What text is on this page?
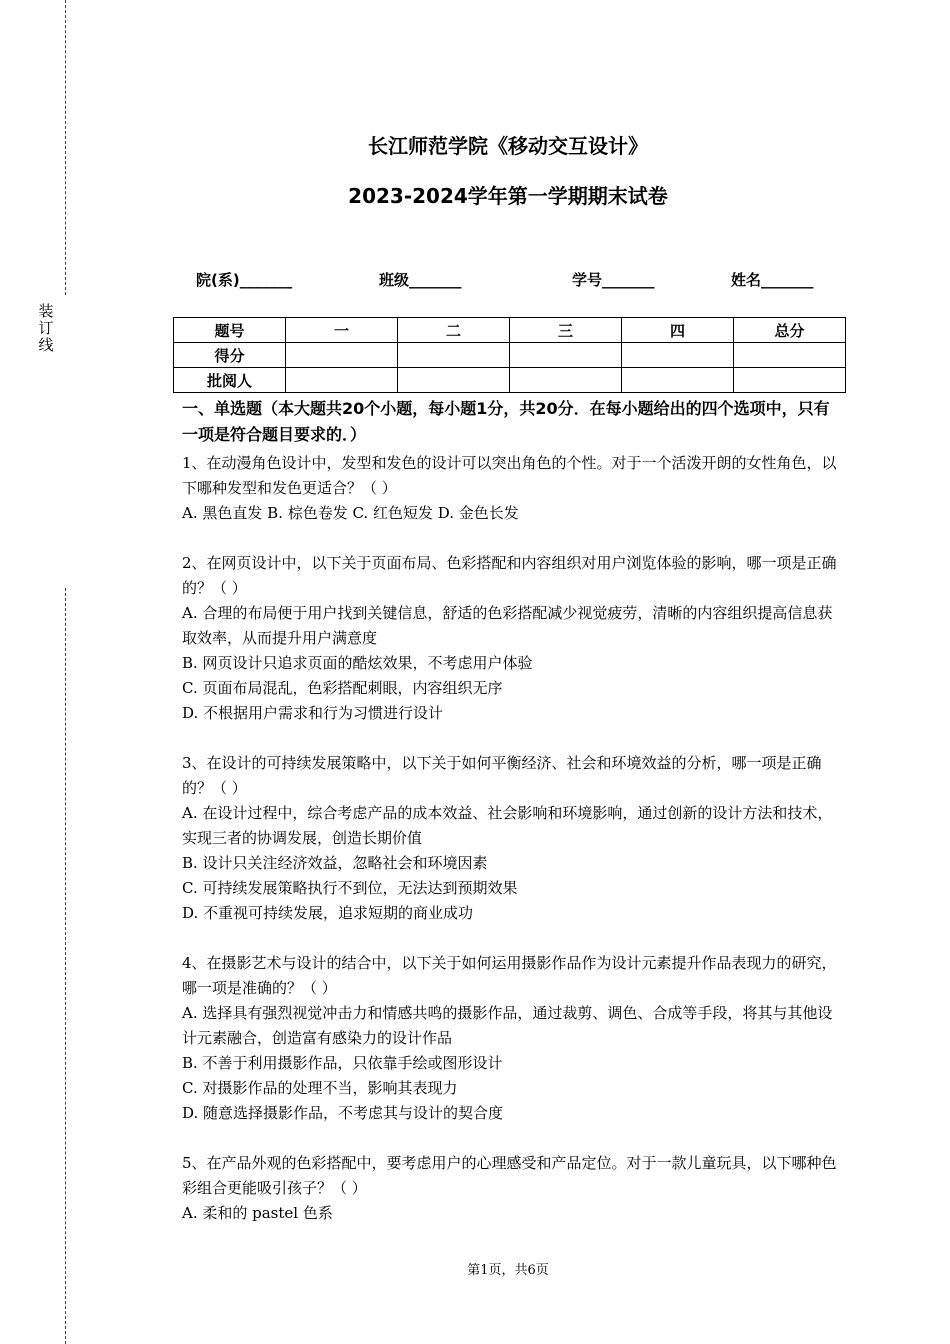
装
订
线
长江师范学院《移动交互设计》
2023-2024学年第一学期期末试卷
院(系)_______	班级_______	学号_______	姓名_______
题号	一	二	三	四	总分
得分					
批阅人					
一、单选题（本大题共20个小题，每小题1分，共20分．在每小题给出的四个选项中，只有一项是符合题目要求的．）

1、在动漫角色设计中，发型和发色的设计可以突出角色的个性。对于一个活泼开朗的女性角色，以下哪种发型和发色更适合？（ ）

A. 黑色直发 B. 棕色卷发 C. 红色短发 D. 金色长发

2、在网页设计中，以下关于页面布局、色彩搭配和内容组织对用户浏览体验的影响，哪一项是正确的？（ ）

A. 合理的布局便于用户找到关键信息，舒适的色彩搭配减少视觉疲劳，清晰的内容组织提高信息获取效率，从而提升用户满意度

B. 网页设计只追求页面的酷炫效果，不考虑用户体验

C. 页面布局混乱，色彩搭配刺眼，内容组织无序

D. 不根据用户需求和行为习惯进行设计

3、在设计的可持续发展策略中，以下关于如何平衡经济、社会和环境效益的分析，哪一项是正确的？（ ）

A. 在设计过程中，综合考虑产品的成本效益、社会影响和环境影响，通过创新的设计方法和技术，实现三者的协调发展，创造长期价值

B. 设计只关注经济效益，忽略社会和环境因素

C. 可持续发展策略执行不到位，无法达到预期效果

D. 不重视可持续发展，追求短期的商业成功

4、在摄影艺术与设计的结合中，以下关于如何运用摄影作品作为设计元素提升作品表现力的研究，哪一项是准确的？（ ）

A. 选择具有强烈视觉冲击力和情感共鸣的摄影作品，通过裁剪、调色、合成等手段，将其与其他设计元素融合，创造富有感染力的设计作品

B. 不善于利用摄影作品，只依靠手绘或图形设计

C. 对摄影作品的处理不当，影响其表现力

D. 随意选择摄影作品，不考虑其与设计的契合度

5、在产品外观的色彩搭配中，要考虑用户的心理感受和产品定位。对于一款儿童玩具，以下哪种色彩组合更能吸引孩子？（ ）

A. 柔和的 pastel 色系

第1页，共6页
